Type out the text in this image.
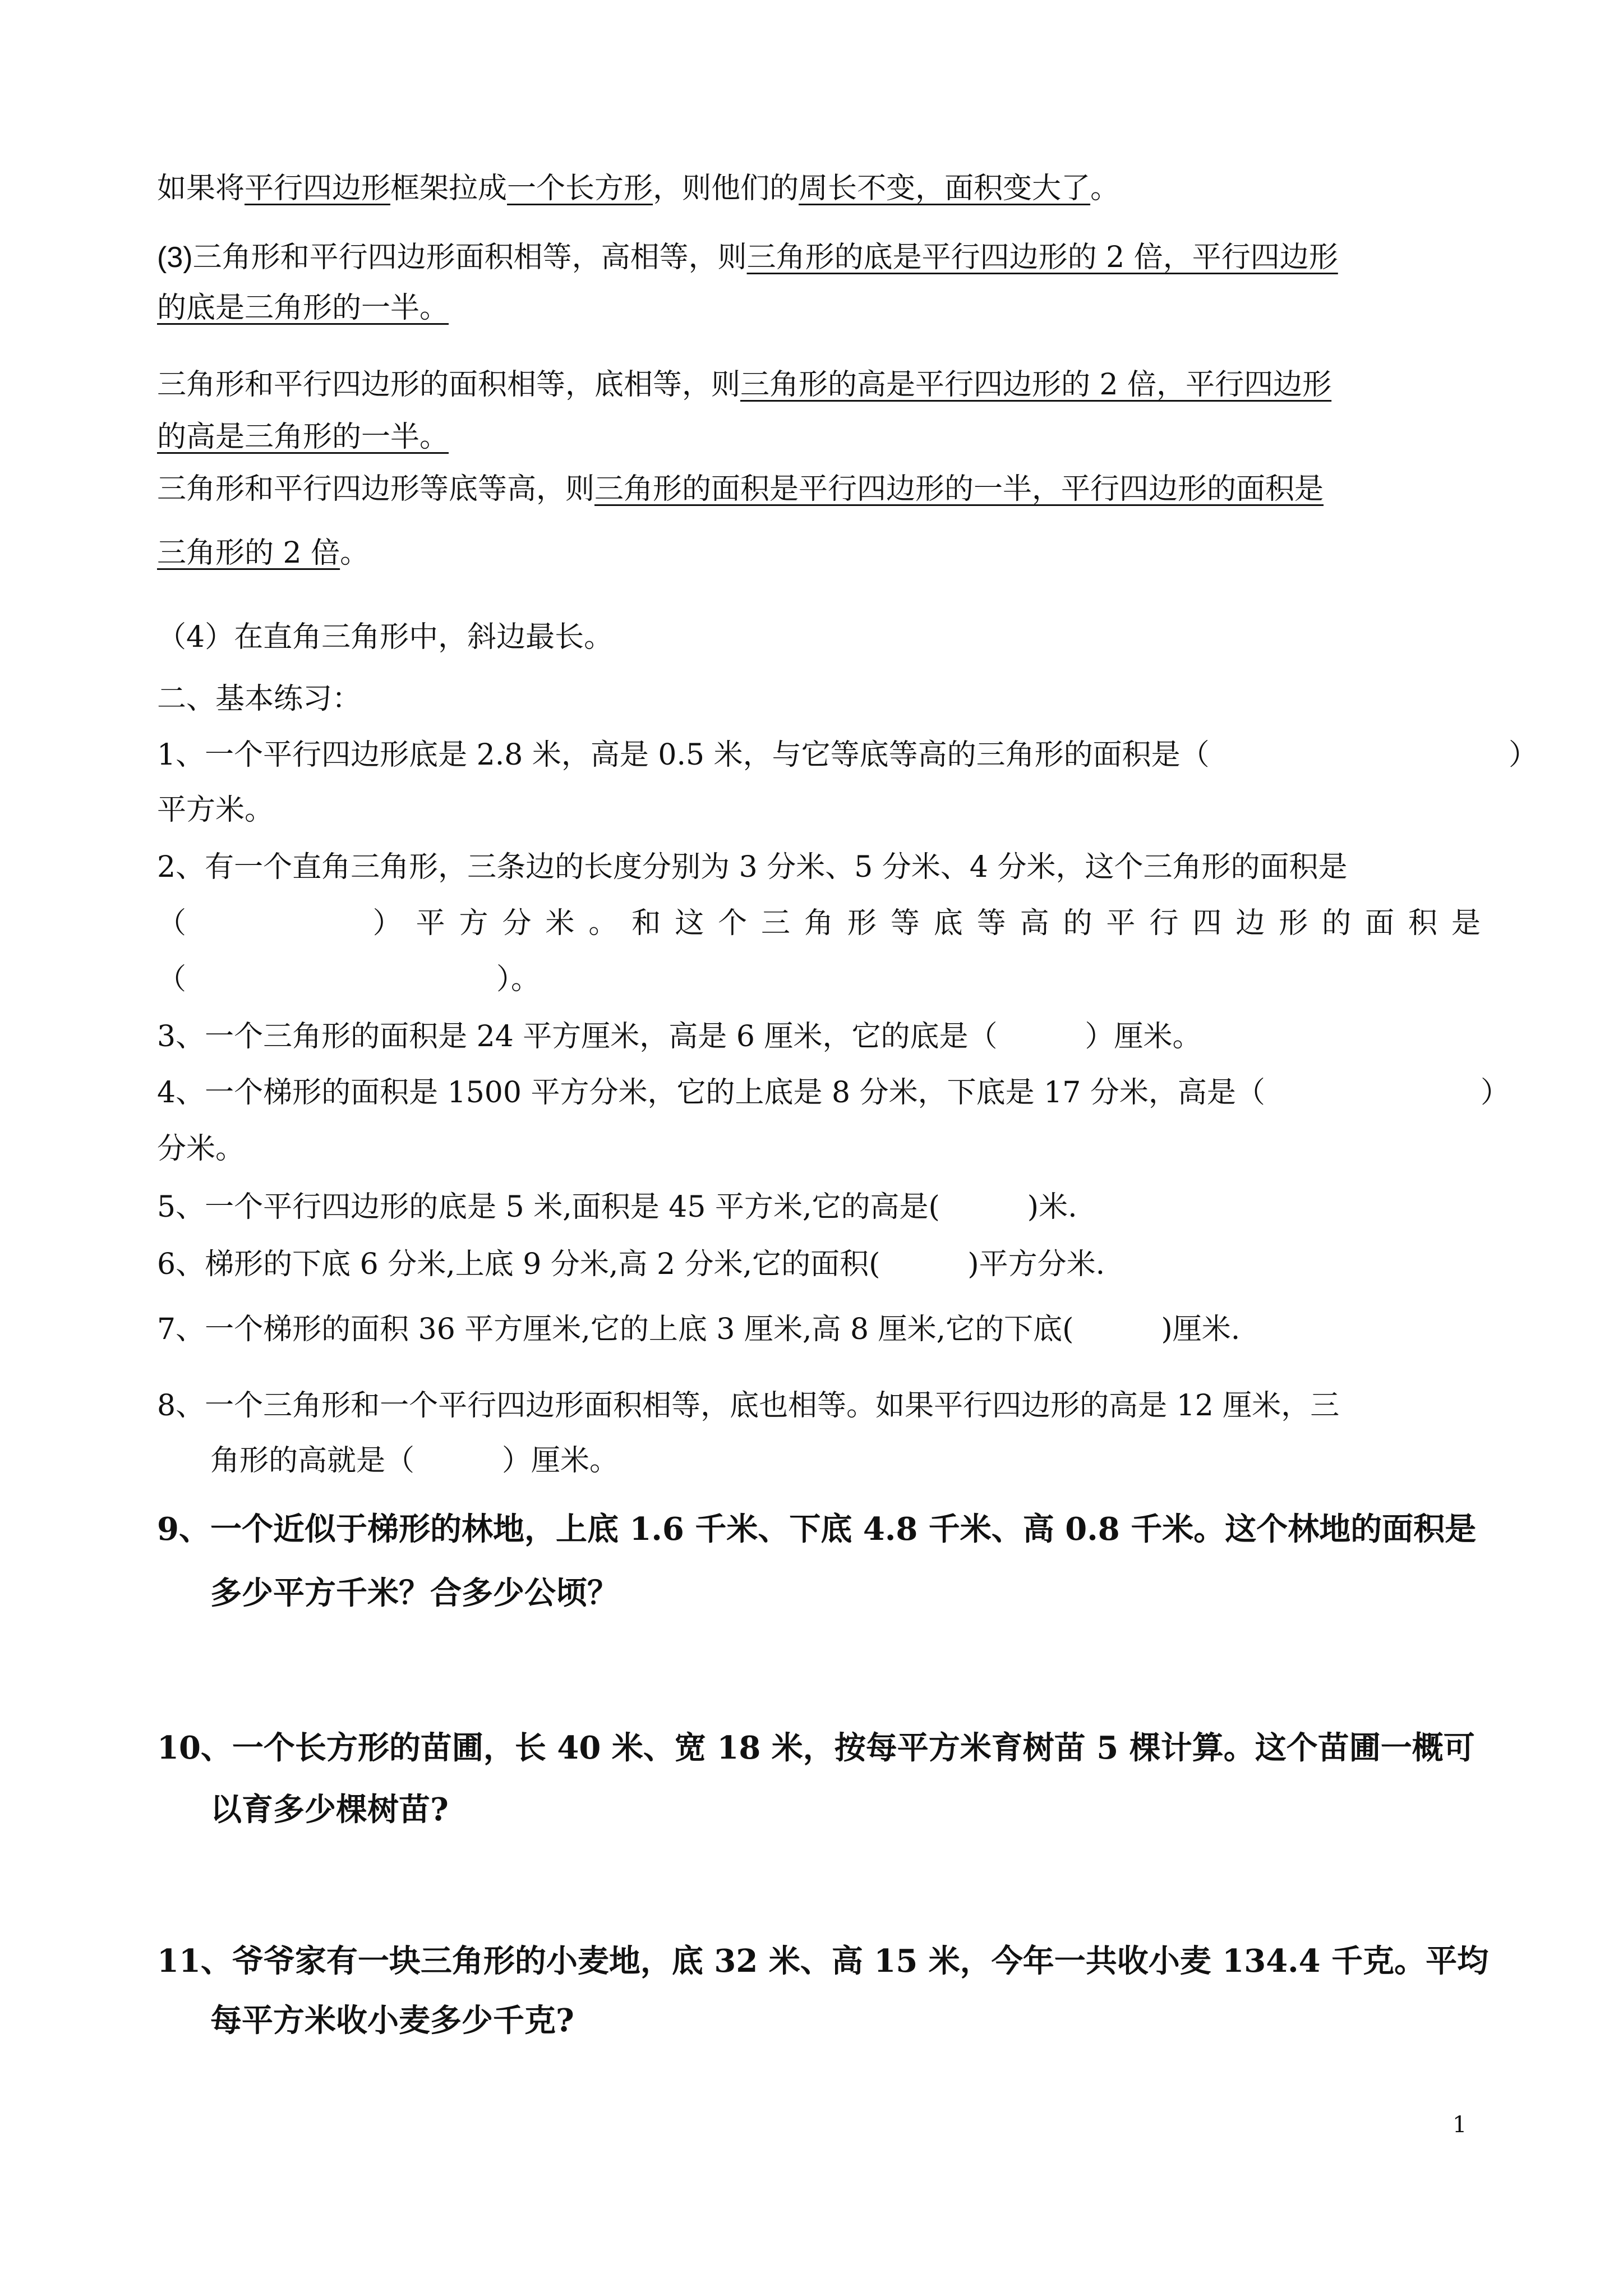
如果将平行四边形框架拉成一个长方形，则他们的周长不变，面积变大了。
(3)三角形和平行四边形面积相等，高相等，则三角形的底是平行四边形的 2 倍，平行四边形
的底是三角形的一半。
三角形和平行四边形的面积相等，底相等，则三角形的高是平行四边形的 2 倍，平行四边形
的高是三角形的一半。
三角形和平行四边形等底等高，则三角形的面积是平行四边形的一半，平行四边形的面积是
三角形的 2 倍。
（4）在直角三角形中，斜边最长。
二、基本练习：
1、一个平行四边形底是 2.8 米，高是 0.5 米，与它等底等高的三角形的面积是（	）
平方米。
2、有一个直角三角形，三条边的长度分别为 3 分米、5 分米、4 分米，这个三角形的面积是
（　　　　）平方分米。和这个三角形等底等高的平行四边形的面积是
（	）。
3、一个三角形的面积是 24 平方厘米，高是 6 厘米，它的底是（　　　）厘米。
4、一个梯形的面积是 1500 平方分米，它的上底是 8 分米，下底是 17 分米，高是（	）
分米。
5、一个平行四边形的底是 5 米,面积是 45 平方米,它的高是(　　　)米.
6、梯形的下底 6 分米,上底 9 分米,高 2 分米,它的面积(　　　)平方分米.
7、一个梯形的面积 36 平方厘米,它的上底 3 厘米,高 8 厘米,它的下底(　　　)厘米.
8、一个三角形和一个平行四边形面积相等，底也相等。如果平行四边形的高是 12 厘米，三
角形的高就是（　　　）厘米。
9、一个近似于梯形的林地，上底 1.6 千米、下底 4.8 千米、高 0.8 千米。这个林地的面积是
多少平方千米？合多少公顷？
10、一个长方形的苗圃，长 40 米、宽 18 米，按每平方米育树苗 5 棵计算。这个苗圃一概可
以育多少棵树苗?
11、爷爷家有一块三角形的小麦地，底 32 米、高 15 米，今年一共收小麦 134.4 千克。平均
每平方米收小麦多少千克?
1
